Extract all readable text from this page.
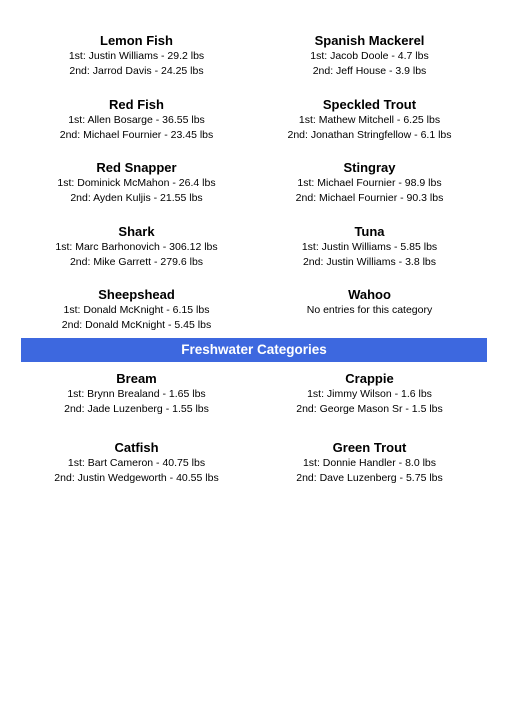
Lemon Fish
1st: Justin Williams - 29.2 lbs
2nd: Jarrod Davis - 24.25 lbs
Spanish Mackerel
1st: Jacob Doole - 4.7 lbs
2nd: Jeff House - 3.9 lbs
Red Fish
1st: Allen Bosarge - 36.55 lbs
2nd: Michael Fournier - 23.45 lbs
Speckled Trout
1st: Mathew Mitchell - 6.25 lbs
2nd: Jonathan Stringfellow - 6.1 lbs
Red Snapper
1st: Dominick McMahon - 26.4 lbs
2nd: Ayden Kuljis - 21.55 lbs
Stingray
1st: Michael Fournier - 98.9 lbs
2nd: Michael Fournier - 90.3 lbs
Shark
1st: Marc Barhonovich - 306.12 lbs
2nd: Mike Garrett - 279.6 lbs
Tuna
1st: Justin Williams - 5.85 lbs
2nd: Justin Williams - 3.8 lbs
Sheepshead
1st: Donald McKnight - 6.15 lbs
2nd: Donald McKnight - 5.45 lbs
Wahoo
No entries for this category
Freshwater Categories
Bream
1st: Brynn Brealand - 1.65 lbs
2nd: Jade Luzenberg - 1.55 lbs
Crappie
1st: Jimmy Wilson - 1.6 lbs
2nd: George Mason Sr - 1.5 lbs
Catfish
1st: Bart Cameron - 40.75 lbs
2nd: Justin Wedgeworth - 40.55 lbs
Green Trout
1st: Donnie Handler - 8.0 lbs
2nd: Dave Luzenberg - 5.75 lbs
